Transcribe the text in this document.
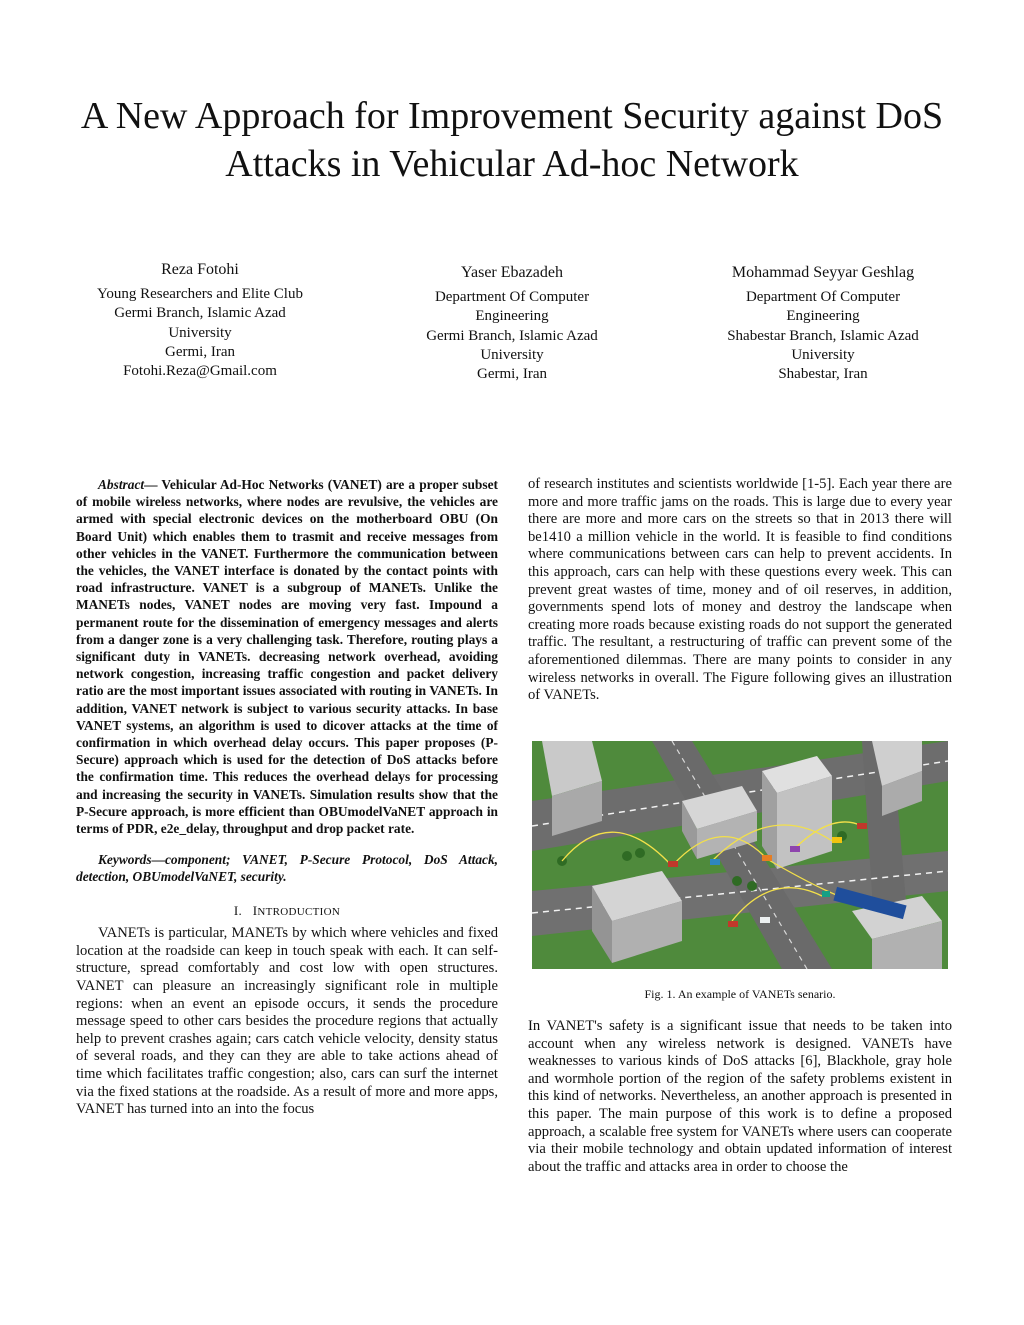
A New Approach for Improvement Security against DoS Attacks in Vehicular Ad-hoc Network
Reza Fotohi
Young Researchers and Elite Club
Germi Branch, Islamic Azad
University
Germi, Iran
Fotohi.Reza@Gmail.com
Yaser Ebazadeh
Department Of Computer
Engineering
Germi Branch, Islamic Azad
University
Germi, Iran
Mohammad Seyyar Geshlag
Department Of Computer
Engineering
Shabestar Branch, Islamic Azad
University
Shabestar, Iran

Abstract— Vehicular Ad-Hoc Networks (VANET) are a proper subset of mobile wireless networks, where nodes are revulsive, the vehicles are armed with special electronic devices on the motherboard OBU (On Board Unit) which enables them to trasmit and receive messages from other vehicles in the VANET. Furthermore the communication between the vehicles, the VANET interface is donated by the contact points with road infrastructure. VANET is a subgroup of MANETs. Unlike the MANETs nodes, VANET nodes are moving very fast. Impound a permanent route for the dissemination of emergency messages and alerts from a danger zone is a very challenging task. Therefore, routing plays a significant duty in VANETs. decreasing network overhead, avoiding network congestion, increasing traffic congestion and packet delivery ratio are the most important issues associated with routing in VANETs. In addition, VANET network is subject to various security attacks. In base VANET systems, an algorithm is used to dicover attacks at the time of confirmation in which overhead delay occurs. This paper proposes (P-Secure) approach which is used for the detection of DoS attacks before the confirmation time. This reduces the overhead delays for processing and increasing the security in VANETs. Simulation results show that the P-Secure approach, is more efficient than OBUmodelVaNET approach in terms of PDR, e2e_delay, throughput and drop packet rate.

Keywords—component; VANET, P-Secure Protocol, DoS Attack, detection, OBUmodelVaNET, security.

I. INTRODUCTION

VANETs is particular, MANETs by which where vehicles and fixed location at the roadside can keep in touch speak with each. It can self-structure, spread comfortably and cost low with open structures. VANET can pleasure an increasingly significant role in multiple regions: when an event an episode occurs, it sends the procedure message speed to other cars besides the procedure regions that actually help to prevent crashes again; cars catch vehicle velocity, density status of several roads, and they can they are able to take actions ahead of time which facilitates traffic congestion; also, cars can surf the internet via the fixed stations at the roadside. As a result of more and more apps, VANET has turned into an into the focus

of research institutes and scientists worldwide [1-5]. Each year there are more and more traffic jams on the roads. This is large due to every year there are more and more cars on the streets so that in 2013 there will be1410 a million vehicle in the world. It is feasible to find conditions where communications between cars can help to prevent accidents. In this approach, cars can help with these questions every week. This can prevent great wastes of time, money and of oil reserves, in addition, governments spend lots of money and destroy the landscape when creating more roads because existing roads do not support the generated traffic. The resultant, a restructuring of traffic can prevent some of the aforementioned dilemmas. There are many points to consider in any wireless networks in overall. The Figure following gives an illustration of VANETs.

Fig. 1. An example of VANETs senario.

In VANET's safety is a significant issue that needs to be taken into account when any wireless network is designed. VANETs have weaknesses to various kinds of DoS attacks [6], Blackhole, gray hole and wormhole portion of the region of the safety problems existent in this kind of networks. Nevertheless, an another approach is presented in this paper. The main purpose of this work is to define a proposed approach, a scalable free system for VANETs where users can cooperate via their mobile technology and obtain updated information of interest about the traffic and attacks area in order to choose the
